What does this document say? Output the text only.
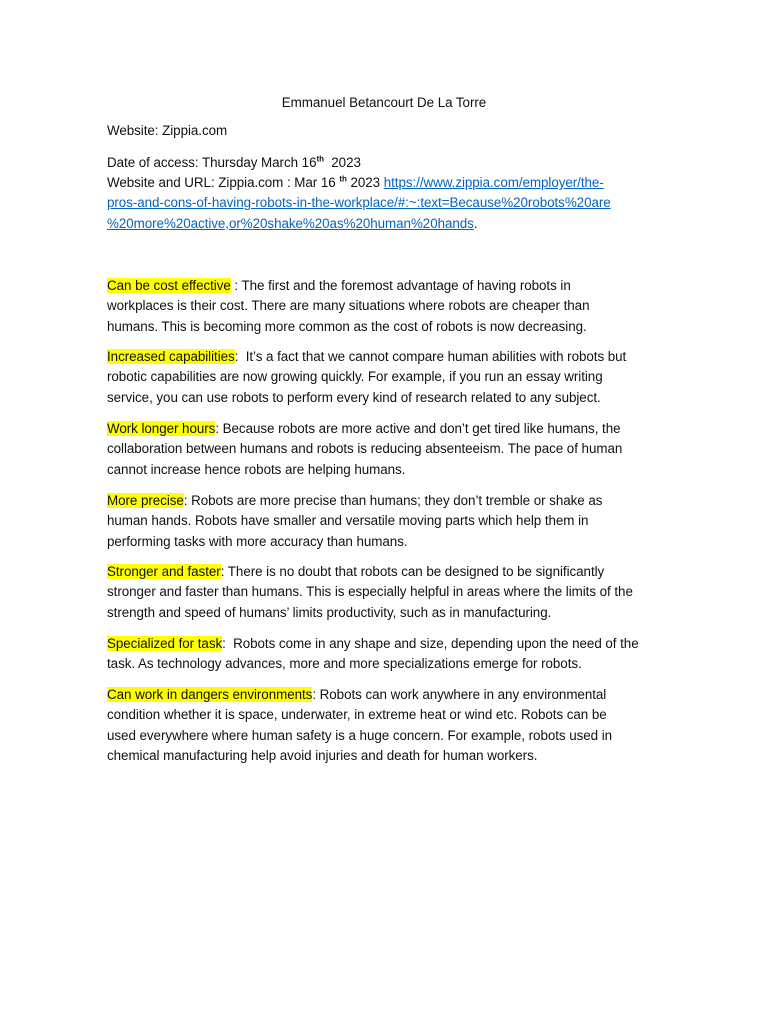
Emmanuel Betancourt De La Torre
Website: Zippia.com
Date of access: Thursday March 16th  2023
Website and URL: Zippia.com : Mar 16 $^{th}$ 2023 https://www.zippia.com/employer/the-
pros-and-cons-of-having-robots-in-the-workplace/#:~:text=Because%20robots%20are
%20more%20active,or%20shake%20as%20human%20hands.
Can be cost effective : The first and the foremost advantage of having robots in
workplaces is their cost. There are many situations where robots are cheaper than
humans. This is becoming more common as the cost of robots is now decreasing.
Increased capabilities:  It’s a fact that we cannot compare human abilities with robots but
robotic capabilities are now growing quickly. For example, if you run an essay writing
service, you can use robots to perform every kind of research related to any subject.
Work longer hours: Because robots are more active and don’t get tired like humans, the
collaboration between humans and robots is reducing absenteeism. The pace of human
cannot increase hence robots are helping humans.
More precise: Robots are more precise than humans; they don’t tremble or shake as
human hands. Robots have smaller and versatile moving parts which help them in
performing tasks with more accuracy than humans.
Stronger and faster: There is no doubt that robots can be designed to be significantly
stronger and faster than humans. This is especially helpful in areas where the limits of the
strength and speed of humans’ limits productivity, such as in manufacturing.
Specialized for task:  Robots come in any shape and size, depending upon the need of the
task. As technology advances, more and more specializations emerge for robots.
Can work in dangers environments: Robots can work anywhere in any environmental
condition whether it is space, underwater, in extreme heat or wind etc. Robots can be
used everywhere where human safety is a huge concern. For example, robots used in
chemical manufacturing help avoid injuries and death for human workers.
